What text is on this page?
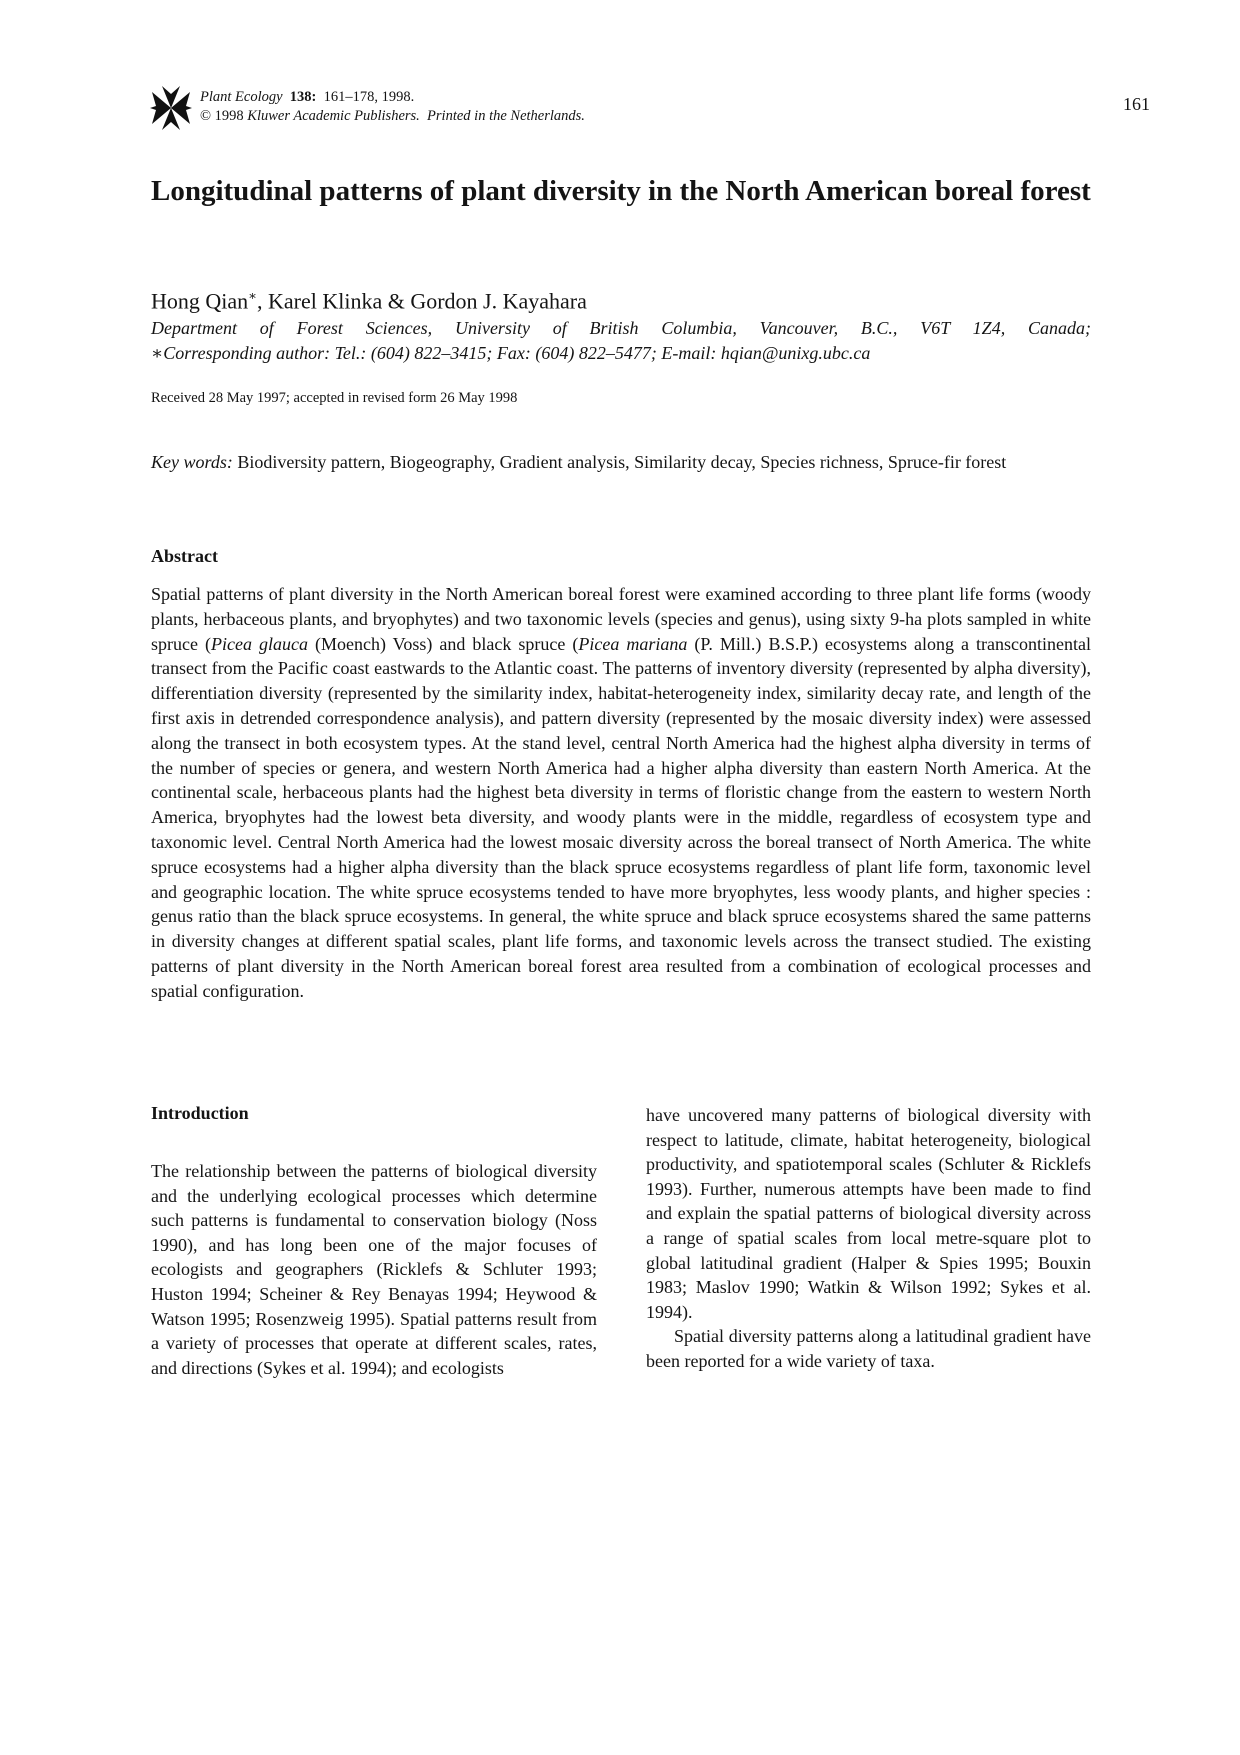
Plant Ecology 138: 161–178, 1998.
© 1998 Kluwer Academic Publishers. Printed in the Netherlands.
161
Longitudinal patterns of plant diversity in the North American boreal forest
Hong Qian∗, Karel Klinka & Gordon J. Kayahara
Department of Forest Sciences, University of British Columbia, Vancouver, B.C., V6T 1Z4, Canada;
∗Corresponding author: Tel.: (604) 822–3415; Fax: (604) 822–5477; E-mail: hqian@unixg.ubc.ca
Received 28 May 1997; accepted in revised form 26 May 1998
Key words: Biodiversity pattern, Biogeography, Gradient analysis, Similarity decay, Species richness, Spruce-fir forest
Abstract
Spatial patterns of plant diversity in the North American boreal forest were examined according to three plant life forms (woody plants, herbaceous plants, and bryophytes) and two taxonomic levels (species and genus), using sixty 9-ha plots sampled in white spruce (Picea glauca (Moench) Voss) and black spruce (Picea mariana (P. Mill.) B.S.P.) ecosystems along a transcontinental transect from the Pacific coast eastwards to the Atlantic coast. The patterns of inventory diversity (represented by alpha diversity), differentiation diversity (represented by the similarity index, habitat-heterogeneity index, similarity decay rate, and length of the first axis in detrended correspondence analysis), and pattern diversity (represented by the mosaic diversity index) were assessed along the transect in both ecosystem types. At the stand level, central North America had the highest alpha diversity in terms of the number of species or genera, and western North America had a higher alpha diversity than eastern North America. At the continental scale, herbaceous plants had the highest beta diversity in terms of floristic change from the eastern to western North America, bryophytes had the lowest beta diversity, and woody plants were in the middle, regardless of ecosystem type and taxonomic level. Central North America had the lowest mosaic diversity across the boreal transect of North America. The white spruce ecosystems had a higher alpha diversity than the black spruce ecosystems regardless of plant life form, taxonomic level and geographic location. The white spruce ecosystems tended to have more bryophytes, less woody plants, and higher species : genus ratio than the black spruce ecosystems. In general, the white spruce and black spruce ecosystems shared the same patterns in diversity changes at different spatial scales, plant life forms, and taxonomic levels across the transect studied. The existing patterns of plant diversity in the North American boreal forest area resulted from a combination of ecological processes and spatial configuration.
Introduction

The relationship between the patterns of biological diversity and the underlying ecological processes which determine such patterns is fundamental to conservation biology (Noss 1990), and has long been one of the major focuses of ecologists and geographers (Ricklefs & Schluter 1993; Huston 1994; Scheiner & Rey Benayas 1994; Heywood & Watson 1995; Rosenzweig 1995). Spatial patterns result from a variety of processes that operate at different scales, rates, and directions (Sykes et al. 1994); and ecologists

have uncovered many patterns of biological diversity with respect to latitude, climate, habitat heterogeneity, biological productivity, and spatiotemporal scales (Schluter & Ricklefs 1993). Further, numerous attempts have been made to find and explain the spatial patterns of biological diversity across a range of spatial scales from local metre-square plot to global latitudinal gradient (Halper & Spies 1995; Bouxin 1983; Maslov 1990; Watkin & Wilson 1992; Sykes et al. 1994).

Spatial diversity patterns along a latitudinal gradient have been reported for a wide variety of taxa.
